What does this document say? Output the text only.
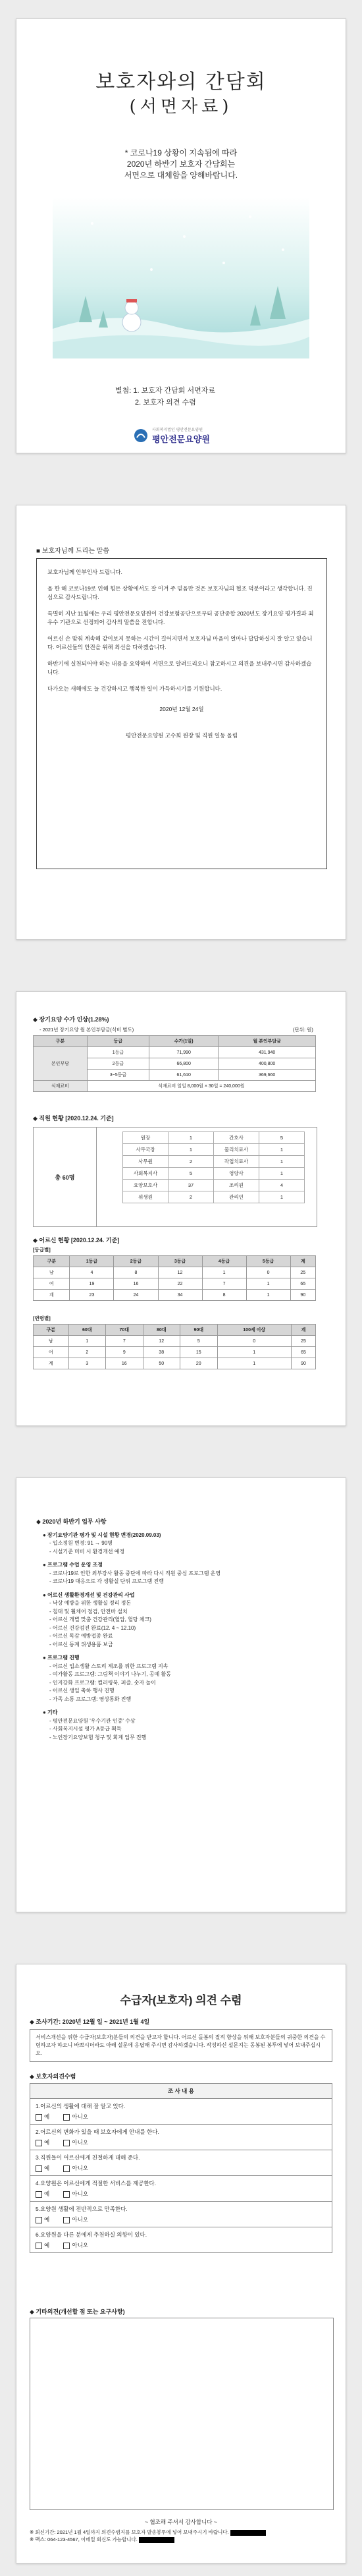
보호자와의 간담회
(서면자료)
* 코로나19 상황이 지속됨에 따라
2020년 하반기 보호자 간담회는
서면으로 대체함을 양해바랍니다.
별첨: 1. 보호자 간담회 서면자료
2. 보호자 의견 수렴
사회복지법인 평안전문요양원
평안전문요양원
■ 보호자님께 드리는 말씀

보호자님께 안부인사 드립니다.

올 한 해 코로나19로 인해 힘든 상황에서도 잘 이겨 주 믿음만 것은 보호자님의 협조 덕분이라고 생각합니다. 진심으로 감사드립니다.

특별히 지난 11월에는 우리 평안전문요양원이 건강보험공단으로부터 공단종합 2020년도 장기요양 평가결과 최우수 기관으로 선정되어 감사의 말씀을 전합니다.

어르신 손 맞춰 계속해 같이보지 못하는 시간이 길어지면서 보호자님 마음이 얼마나 답답하실지 잘 알고 있습니다. 어르신들의 안전을 위해 최선을 다하겠습니다.

하반기에 실천되어야 하는 내용을 요약하여 서면으로 알려드리오니 참고하시고 의견을 보내주시면 감사하겠습니다.

다가오는 새해에도 늘 건강하시고 행복한 일이 가득하시기를 기원합니다.

2020년 12월 24일
평안전문요양원 고수희 원장 및 직원 일동 올림
◆ 장기요양 수가 인상(1.28%)
- 2021년 장기요양 월 본인부담금(식비 별도)	(단위: 원)
구분	등급	수가(1일)	월 본인부담금
본인부담	1등급	71,990	431,940
	2등급	66,800	400,800
	3~5등급	61,610	369,660
식재료비	식재료비 일일 8,000원 × 30일 = 240,000원		
◆ 직원 현황 [2020.12.24. 기준]
총 60명
원장	1	간호사	5
사무국장	1	물리치료사	1
사무원	2	작업치료사	1
사회복지사	5	영양사	1
요양보호사	37	조리원	4
위생원	2	관리인	1
◆ 어르신 현황 [2020.12.24. 기준]
[등급별]
구분	1등급	2등급	3등급	4등급	5등급	계
남	4	8	12	1	0	25
여	19	16	22	7	1	65
계	23	24	34	8	1	90
[연령별]
구분	60대	70대	80대	90대	100세 이상	계
남	1	7	12	5	0	25
여	2	9	38	15	1	65
계	3	16	50	20	1	90
◆ 2020년 하반기 업무 사항
● 장기요양기관 평가 및 시설 현황 변경(2020.09.03)
- 입소정원 변경: 91 → 90명
- 시설기준 미비 시 환경개선 예정
● 프로그램 수업 운영 조정
- 코로나19로 인한 외부강사 활동 중단에 따라 다시 직원 중심 프로그램 운영
- 코로나19 대응으로 각 생활실 단위 프로그램 진행
● 어르신 생활환경개선 및 건강관리 사업
- 낙상 예방을 위한 생활실 정리 정돈
- 침대 및 휠체어 점검, 안전바 설치
- 어르신 개별 맞춤 건강관리(혈압, 혈당 체크)
- 어르신 건강검진 완료(12. 4 ~ 12.10)
- 어르신 독감 예방접종 완료
- 어르신 동계 위생용품 보급
● 프로그램 진행
- 어르신 입소생활 스토리 제조를 위한 프로그램 지속
- 여가활동 프로그램: 그림책 이야기 나누기, 공예 활동
- 인지강화 프로그램: 컬러링북, 퍼즐, 숫자 놀이
- 어르신 생일 축하 행사 진행
- 가족 소통 프로그램: 영상통화 진행
● 기타
- 평안전문요양원 '우수기관 인증' 수상
- 사회복지시설 평가 A등급 획득
- 노인장기요양보험 청구 및 회계 업무 진행
수급자(보호자) 의견 수렴
◆ 조사기간: 2020년 12월 일 ~ 2021년 1월 4일
서비스개선을 위한 수급자(보호자)분들의 의견을 받고자 합니다. 어르신 돌봄의 질적 향상을 위해 보호자분들의 귀중한 의견을 수렴하고자 하오니 바쁘시더라도 아래 설문에 응답해 주시면 감사하겠습니다. 작성하신 설문지는 동봉된 봉투에 넣어 보내주십시오.
◆ 보호자의견수렴
조 사 내 용

1.어르신의 생활에 대해 잘 알고 있다.
예	아니오

2.어르신의 변화가 있을 때 보호자에게 안내를 한다.
예	아니오

3.직원들이 어르신에게 친절하게 대해 준다.
예	아니오

4.요양원은 어르신에게 적절한 서비스를 제공한다.
예	아니오

5.요양원 생활에 전반적으로 만족한다.
예	아니오

6.요양원을 다른 분에게 추천하실 의향이 있다.
예	아니오
◆ 기타의견(개선할 점 또는 요구사항)
~ 협조해 주셔서 감사합니다 ~
※ 회신기간: 2021년 1월 4일까지 의견수렴지를 보호자 발송봉투에 넣어 보내주시기 바랍니다.
※ 팩스: 064-123-4567, 이메일 회신도 가능합니다.
